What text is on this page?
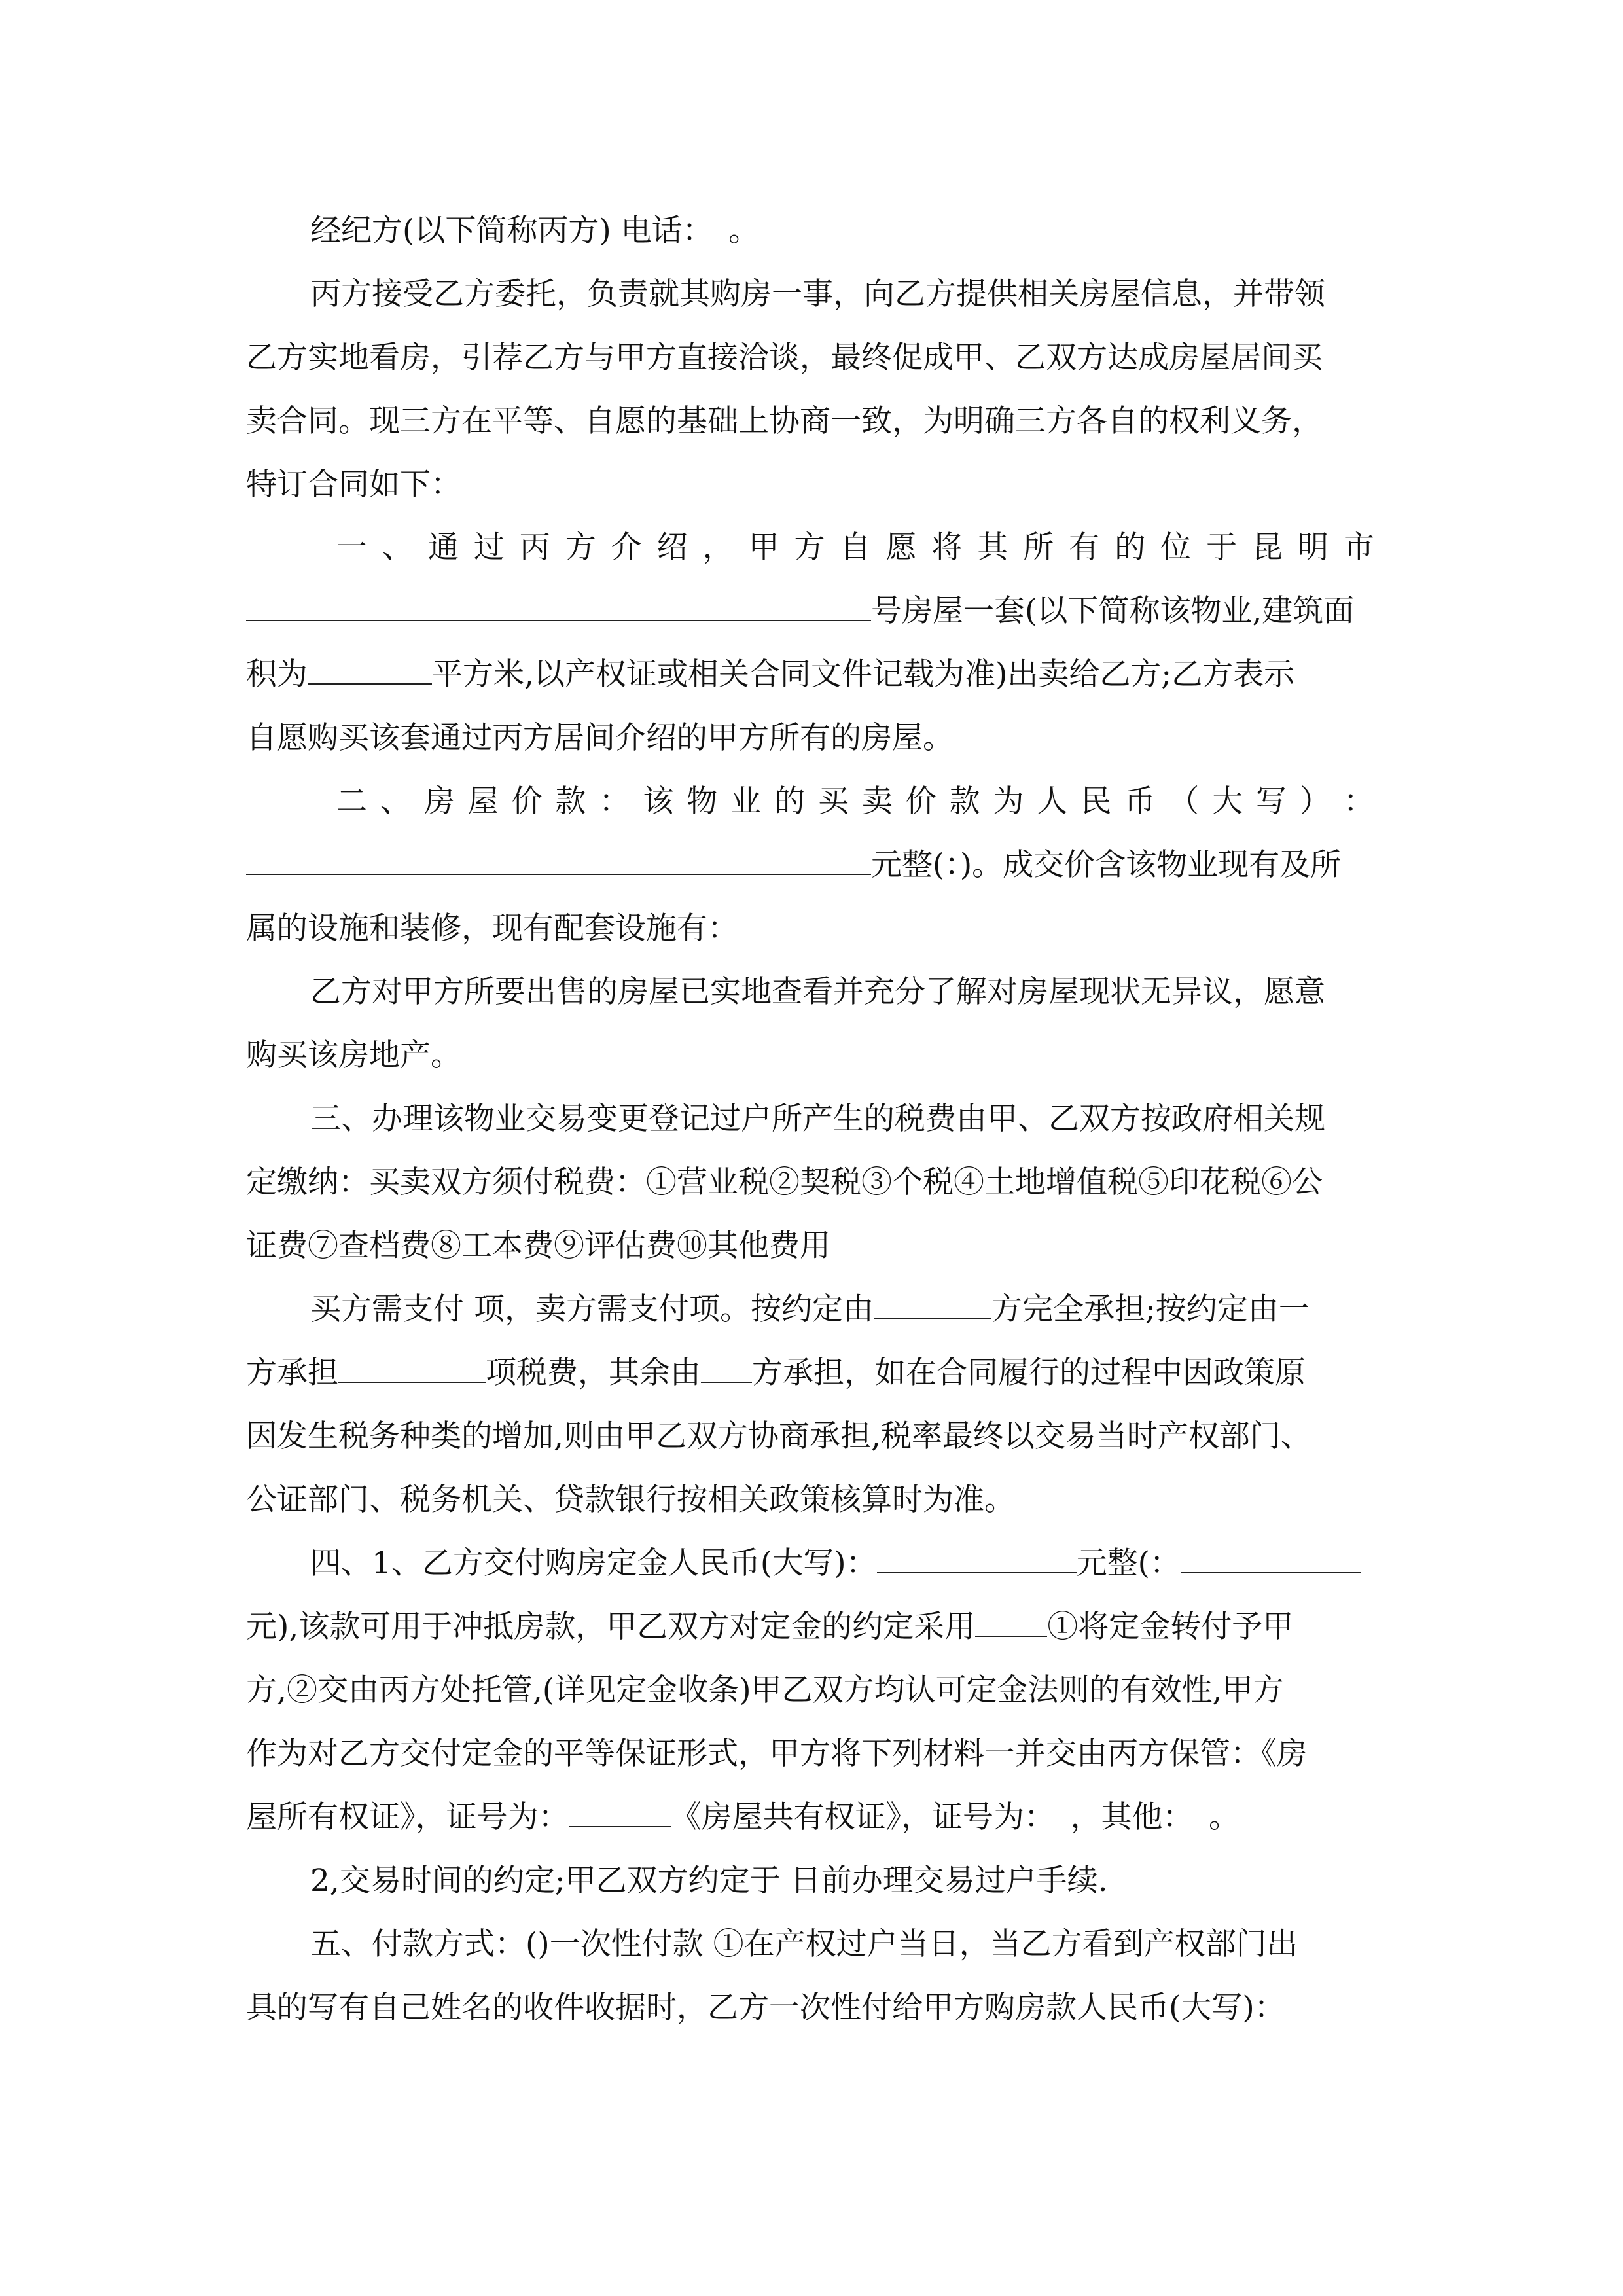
经纪方(以下简称丙方) 电话：　。
丙方接受乙方委托，负责就其购房一事，向乙方提供相关房屋信息，并带领
乙方实地看房，引荐乙方与甲方直接洽谈，最终促成甲、乙双方达成房屋居间买
卖合同。现三方在平等、自愿的基础上协商一致，为明确三方各自的权利义务，
特订合同如下：
一 、 通 过 丙 方 介 绍 ， 甲 方 自 愿 将 其 所 有 的 位 于 昆 明 市
号房屋一套(以下简称该物业,建筑面
积为	平方米,以产权证或相关合同文件记载为准)出卖给乙方;乙方表示
自愿购买该套通过丙方居间介绍的甲方所有的房屋。
二 、 房 屋 价 款 ： 该 物 业 的 买 卖 价 款 为 人 民 币 （ 大 写 ） ：
元整(：)。成交价含该物业现有及所
属的设施和装修，现有配套设施有：
乙方对甲方所要出售的房屋已实地查看并充分了解对房屋现状无异议，愿意
购买该房地产。
三、办理该物业交易变更登记过户所产生的税费由甲、乙双方按政府相关规
定缴纳：买卖双方须付税费：①营业税②契税③个税④土地增值税⑤印花税⑥公
证费⑦查档费⑧工本费⑨评估费⑩其他费用
买方需支付 项，卖方需支付项。按约定由	方完全承担;按约定由一
方承担	项税费，其余由 方承担，如在合同履行的过程中因政策原
因发生税务种类的增加,则由甲乙双方协商承担,税率最终以交易当时产权部门、
公证部门、税务机关、贷款银行按相关政策核算时为准。
四、1、乙方交付购房定金人民币(大写)：	元整(：
元),该款可用于冲抵房款，甲乙双方对定金的约定采用 ①将定金转付予甲
方,②交由丙方处托管,(详见定金收条)甲乙双方均认可定金法则的有效性,甲方
作为对乙方交付定金的平等保证形式，甲方将下列材料一并交由丙方保管：《房
屋所有权证》，证号为：	《房屋共有权证》，证号为：　，其他：　。
2,交易时间的约定;甲乙双方约定于 日前办理交易过户手续.
五、付款方式：()一次性付款 ①在产权过户当日，当乙方看到产权部门出
具的写有自己姓名的收件收据时，乙方一次性付给甲方购房款人民币(大写)：
